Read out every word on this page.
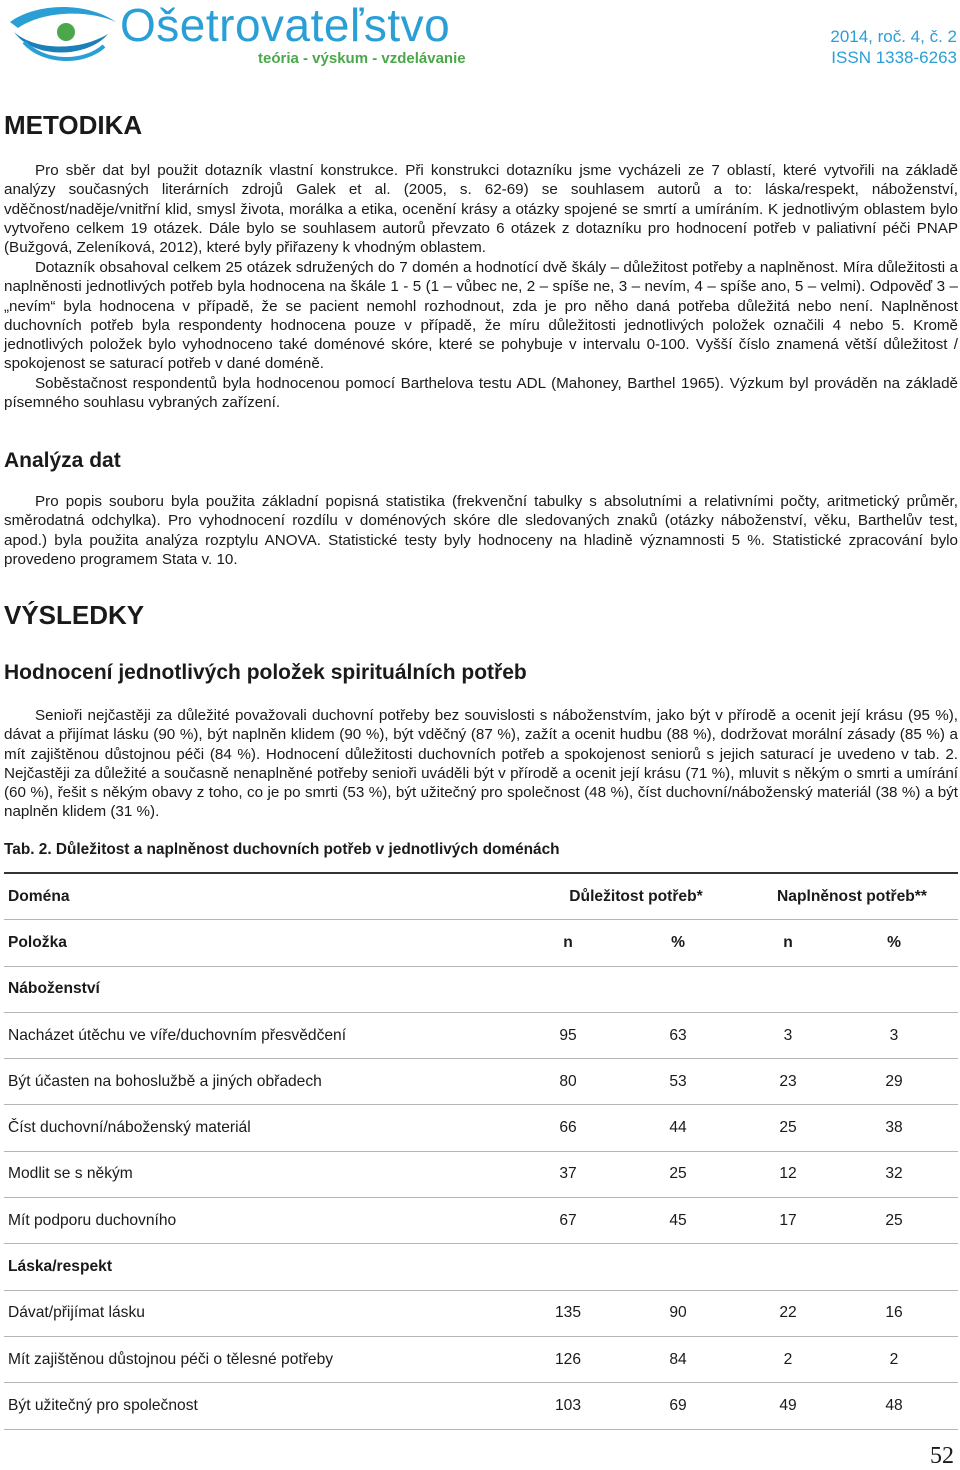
Ošetrovateľstvo
teória - výskum - vzdelávanie
2014, roč. 4, č. 2
ISSN 1338-6263
METODIKA

Pro sběr dat byl použit dotazník vlastní konstrukce. Při konstrukci dotazníku jsme vycházeli ze 7 oblastí, které vytvořili na základě analýzy současných literárních zdrojů Galek et al. (2005, s. 62-69) se souhlasem autorů a to: láska/respekt, náboženství, vděčnost/naděje/vnitřní klid, smysl života, morálka a etika, ocenění krásy a otázky spojené se smrtí a umíráním. K jednotlivým oblastem bylo vytvořeno celkem 19 otázek. Dále bylo se souhlasem autorů převzato 6 otázek z dotazníku pro hodnocení potřeb v paliativní péči PNAP (Bužgová, Zeleníková, 2012), které byly přiřazeny k vhodným oblastem.

Dotazník obsahoval celkem 25 otázek sdružených do 7 domén a hodnotící dvě škály – důležitost potřeby a naplněnost. Míra důležitosti a naplněnosti jednotlivých potřeb byla hodnocena na škále 1 - 5 (1 – vůbec ne, 2 – spíše ne, 3 – nevím, 4 – spíše ano, 5 – velmi). Odpověď 3 – „nevím“ byla hodnocena v případě, že se pacient nemohl rozhodnout, zda je pro něho daná potřeba důležitá nebo není. Naplněnost duchovních potřeb byla respondenty hodnocena pouze v případě, že míru důležitosti jednotlivých položek označili 4 nebo 5. Kromě jednotlivých položek bylo vyhodnoceno také doménové skóre, které se pohybuje v intervalu 0-100. Vyšší číslo znamená větší důležitost / spokojenost se saturací potřeb v dané doméně.

Soběstačnost respondentů byla hodnocenou pomocí Barthelova testu ADL (Mahoney, Barthel 1965). Výzkum byl prováděn na základě písemného souhlasu vybraných zařízení.

Analýza dat

Pro popis souboru byla použita základní popisná statistika (frekvenční tabulky s absolutními a relativními počty, aritmetický průměr, směrodatná odchylka). Pro vyhodnocení rozdílu v doménových skóre dle sledovaných znaků (otázky náboženství, věku, Barthelův test, apod.) byla použita analýza rozptylu ANOVA. Statistické testy byly hodnoceny na hladině významnosti 5 %. Statistické zpracování bylo provedeno programem Stata v. 10.

VÝSLEDKY
Hodnocení jednotlivých položek spirituálních potřeb

Senioři nejčastěji za důležité považovali duchovní potřeby bez souvislosti s náboženstvím, jako být v přírodě a ocenit její krásu (95 %), dávat a přijímat lásku (90 %), být naplněn klidem (90 %), být vděčný (87 %), zažít a ocenit hudbu (88 %), dodržovat morální zásady (85 %) a mít zajištěnou důstojnou péči (84 %). Hodnocení důležitosti duchovních potřeb a spokojenost seniorů s jejich saturací je uvedeno v tab. 2. Nejčastěji za důležité a současně nenaplněné potřeby senioři uváděli být v přírodě a ocenit její krásu (71 %), mluvit s někým o smrti a umírání (60 %), řešit s někým obavy z toho, co je po smrti (53 %), být užitečný pro společnost (48 %), číst duchovní/náboženský materiál (38 %) a být naplněn klidem (31 %).

Tab. 2. Důležitost a naplněnost duchovních potřeb v jednotlivých doménách
Doména	Důležitost potřeb*		Naplněnost potřeb**	
Položka	n	%	n	%
Náboženství				
Nacházet útěchu ve víře/duchovním přesvědčení	95	63	3	3
Být účasten na bohoslužbě a jiných obřadech	80	53	23	29
Číst duchovní/náboženský materiál	66	44	25	38
Modlit se s někým	37	25	12	32
Mít podporu duchovního	67	45	17	25
Láska/respekt				
Dávat/přijímat lásku	135	90	22	16
Mít zajištěnou důstojnou péči o tělesné potřeby	126	84	2	2
Být užitečný pro společnost	103	69	49	48
52
